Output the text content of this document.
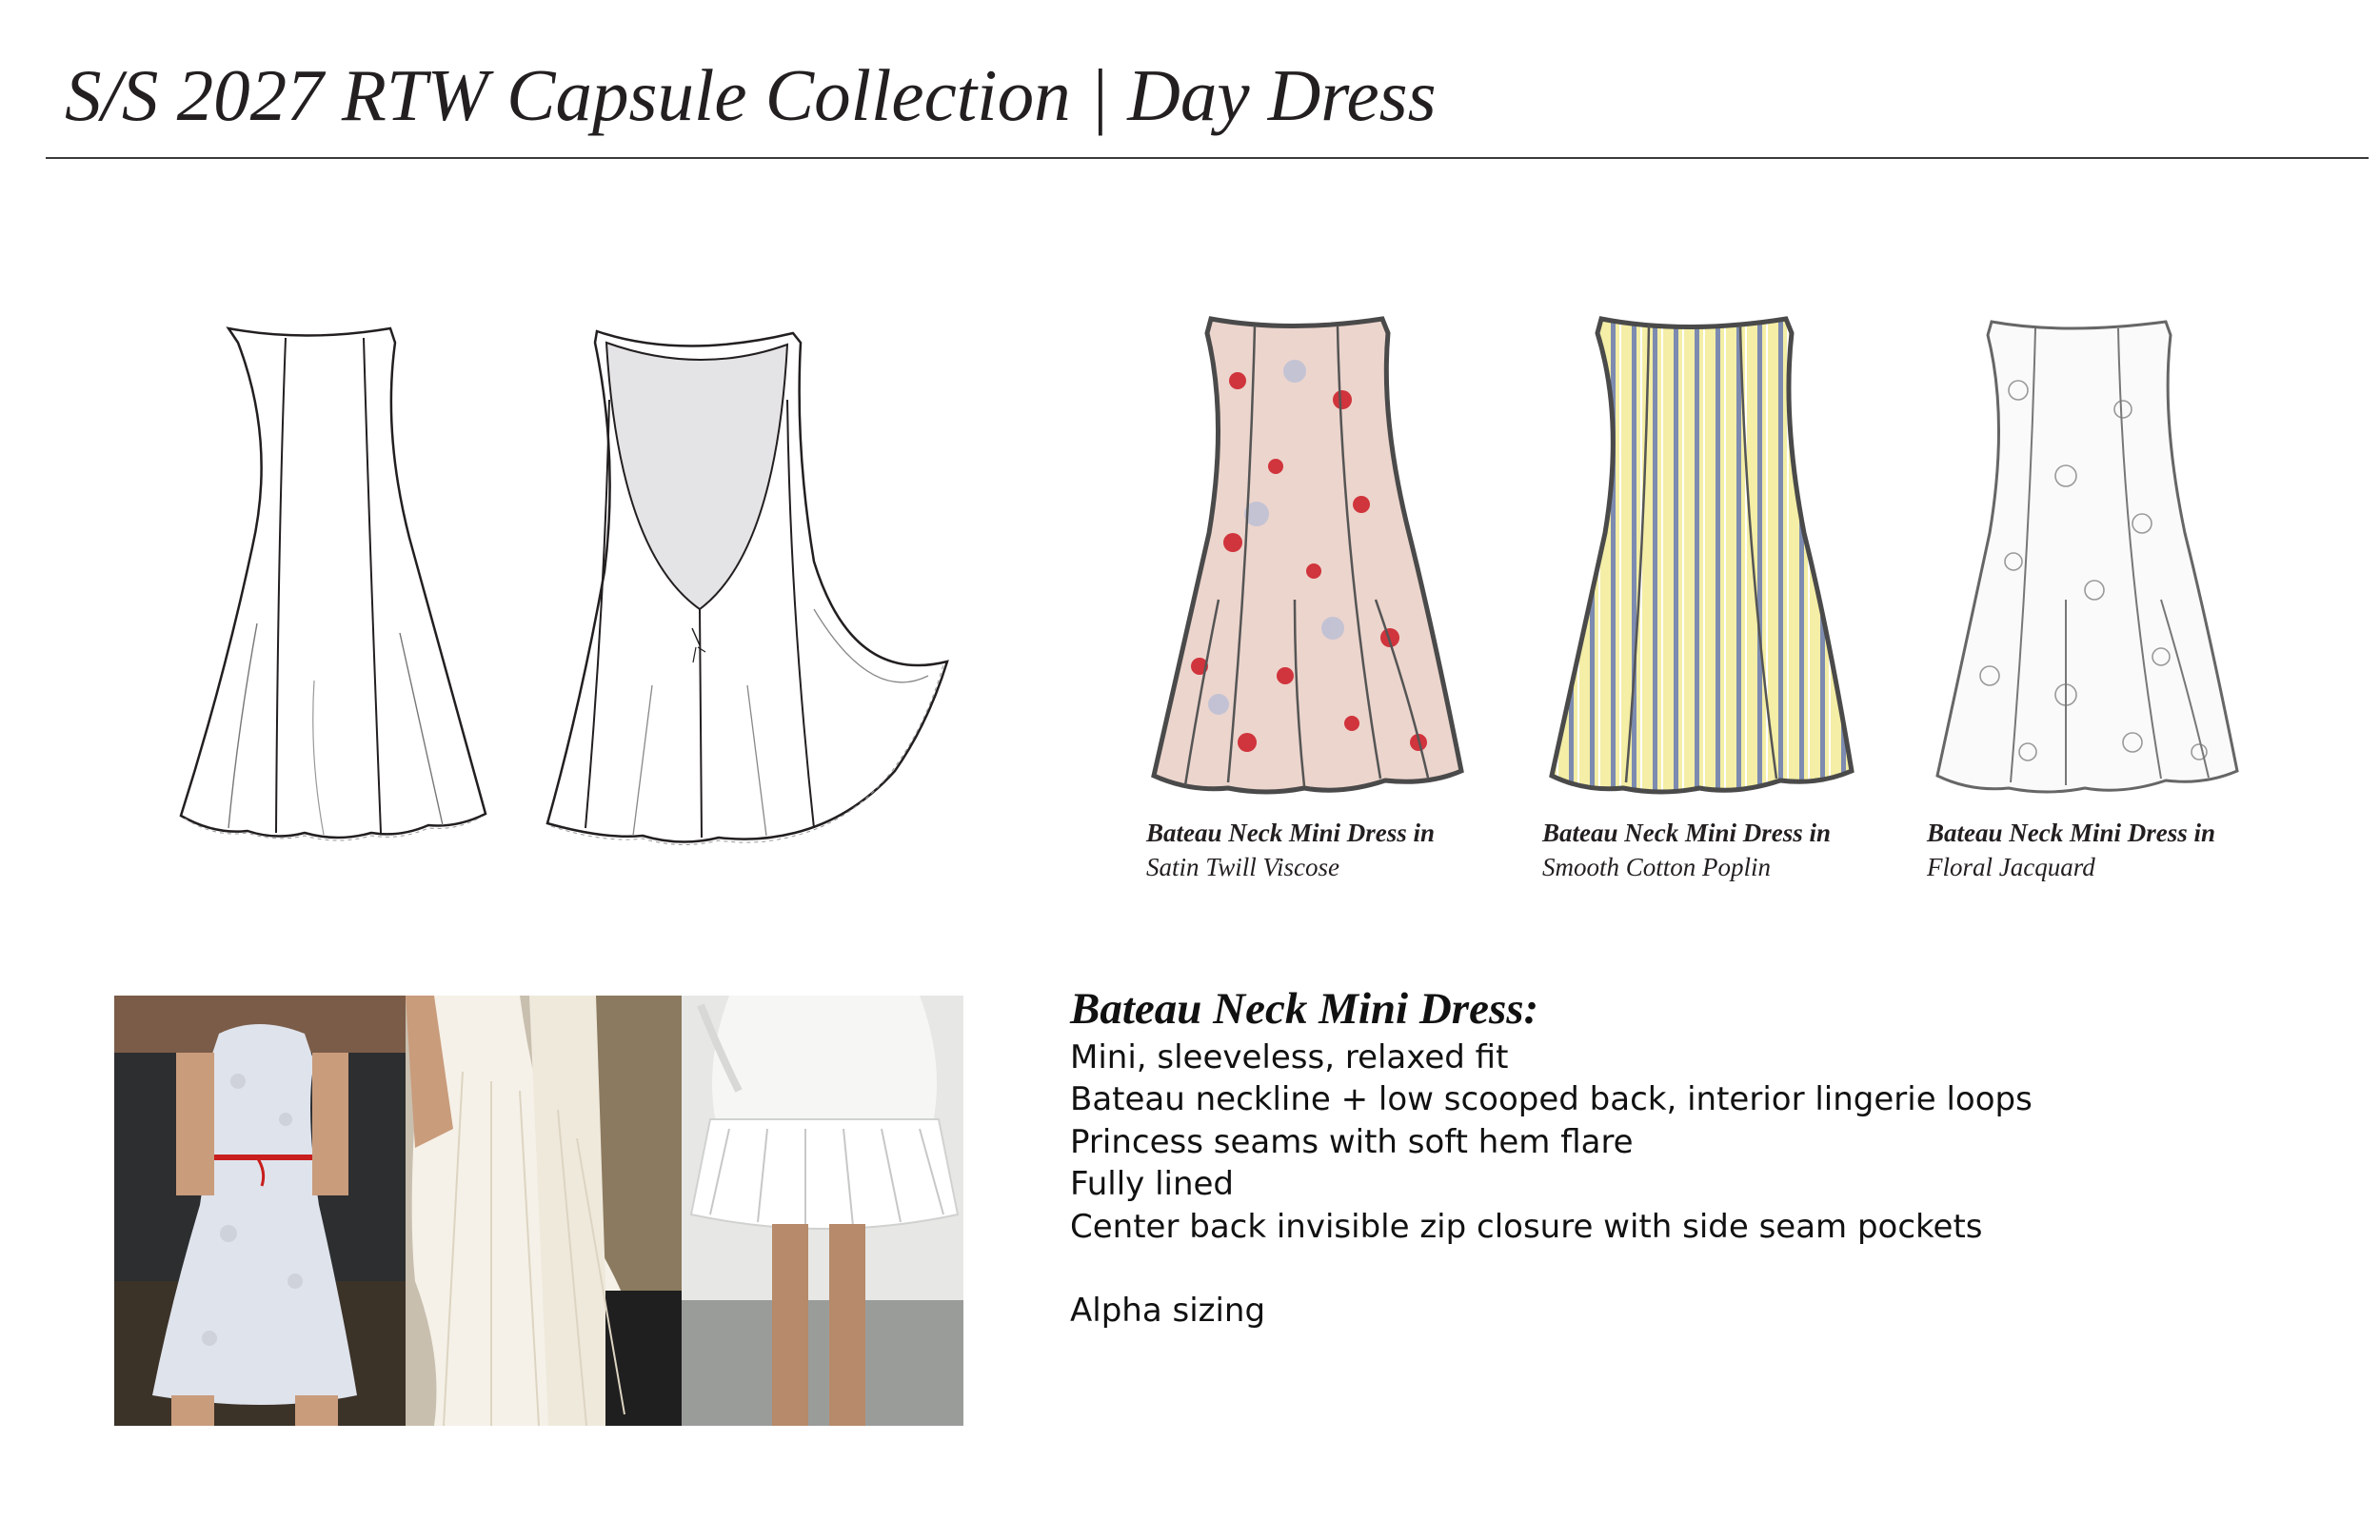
S/S 2027 RTW Capsule Collection | Day Dress
Bateau Neck Mini Dress in
Satin Twill Viscose
Bateau Neck Mini Dress in
Smooth Cotton Poplin
Bateau Neck Mini Dress in
Floral Jacquard
Bateau Neck Mini Dress:
Mini, sleeveless, relaxed fit
Bateau neckline + low scooped back, interior lingerie loops
Princess seams with soft hem flare
Fully lined
Center back invisible zip closure with side seam pockets
Alpha sizing
